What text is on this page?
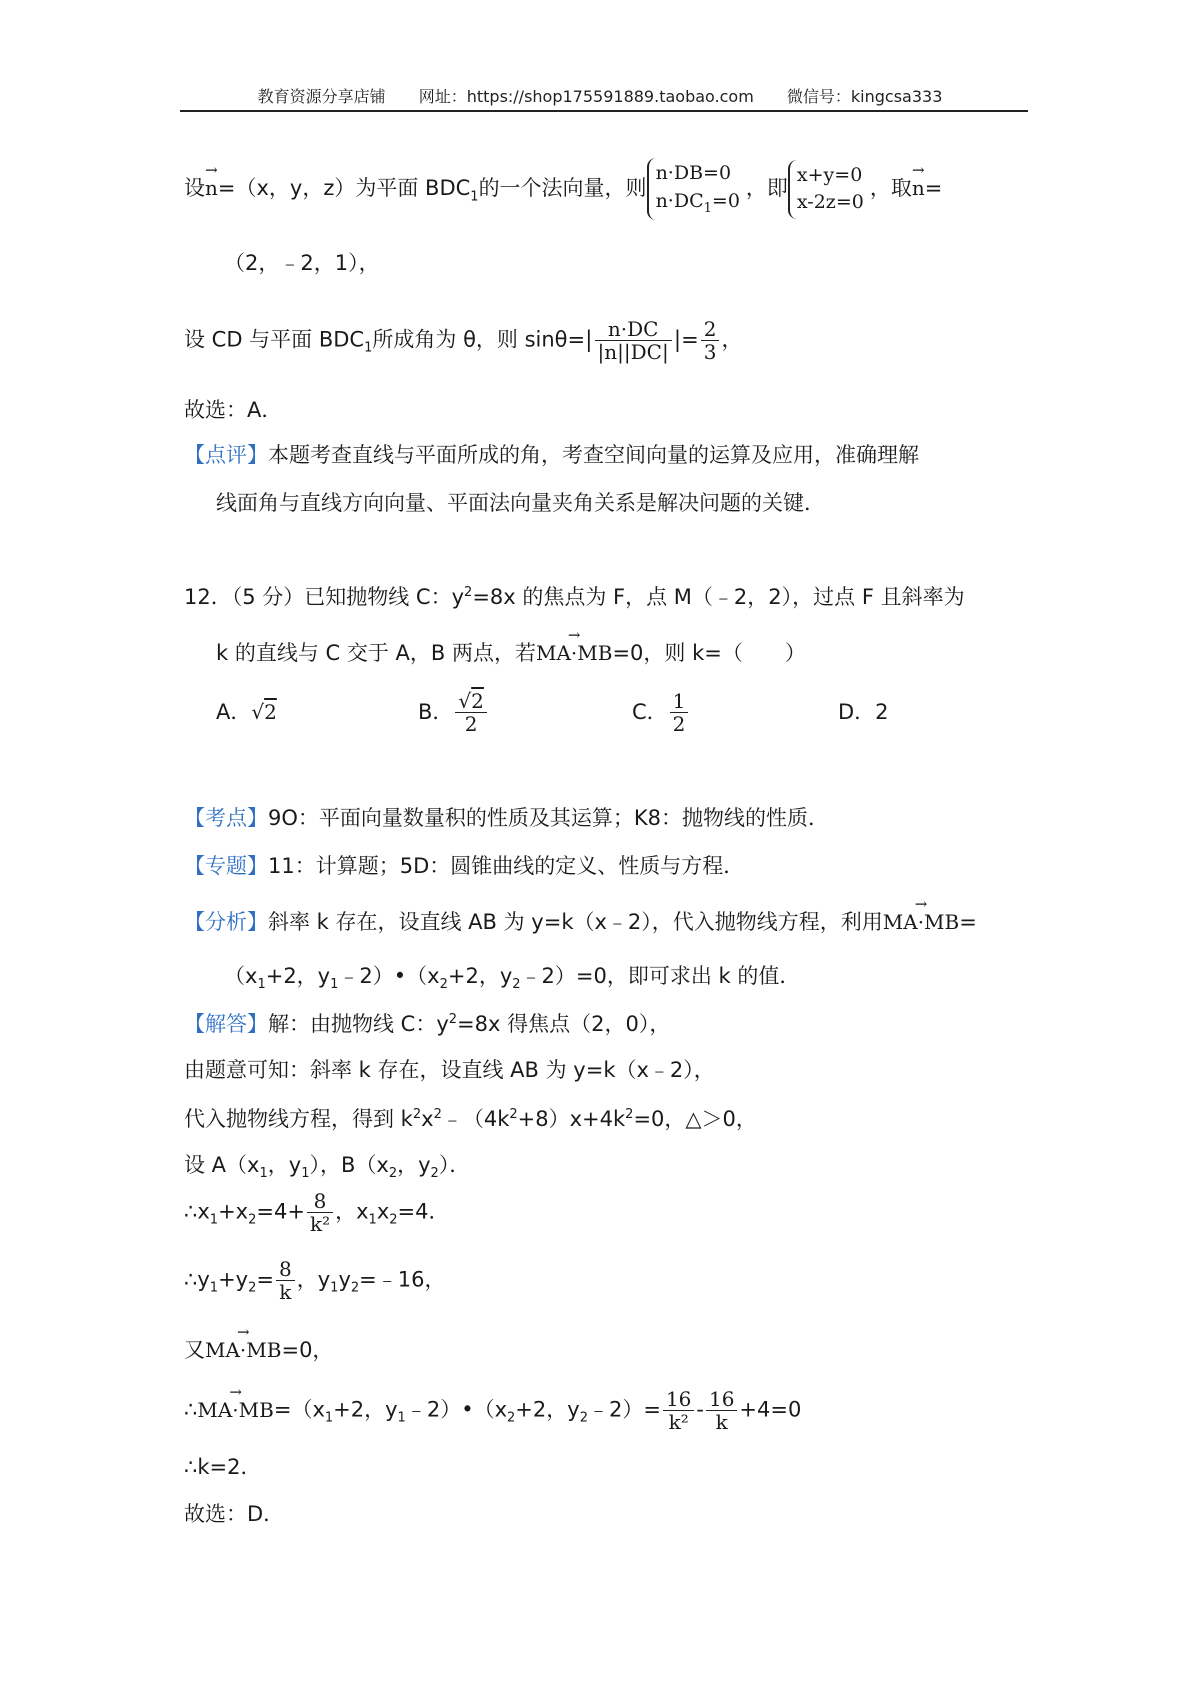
教育资源分享店铺 网址：https://shop175591889.taobao.com 微信号：kingcsa333
设→ n=（x，y，z）为平面 $BDC_1$的一个法向量，则n·DB=0
$n\cdot DC_1=0$，即x+y=0
x-2z=0，取→ n=
（2，﹣2，1），
设 CD 与平面 $BDC_1$所成角为 θ，则 $\sin\theta=| \frac{n\cdot DC}{|n||DC|}$ |= $\frac{2}{3}$ ，
故选：A．
【点评】本题考查直线与平面所成的角，考查空间向量的运算及应用，准确理解
线面角与直线方向向量、平面法向量夹角关系是解决问题的关键．
12．（5 分）已知抛物线 C：$y^2=8x$ 的焦点为 F，点 M（﹣2，2），过点 F 且斜率为
k 的直线与 C 交于 A，B 两点，若→ MA·MB=0，则 k=（　　）
A．√2	B． $\frac{√2}{2}$	C． $\frac{1}{2}$	D．2
【考点】9O：平面向量数量积的性质及其运算；K8：抛物线的性质．
【专题】11：计算题；5D：圆锥曲线的定义、性质与方程．
【分析】斜率 k 存在，设直线 AB 为 y=k（x﹣2），代入抛物线方程，利用→ MA·MB=
（$x_1+2$，$y_1﹣2)•(x_2+2$，$y_2﹣2)=0$，即可求出 k 的值．
【解答】解：由抛物线 C：$y^2=8x$ 得焦点（2，0），
由题意可知：斜率 k 存在，设直线 AB 为 y=k（x﹣2），
代入抛物线方程，得到 $k^2x^2﹣(4k^2+8)x+4k^2=0$，△＞0，
设 $A(x_1$，$y_1$），$B(x_2$，$y_2$）．
$\therefore x_1+x_2=4+ \frac{8}{\text{k²}}$ ，$x_1x_2=4$．
$\therefore y_1+y_2= \frac{8}{k}$ ，$y_1y_2=﹣16$，
又→ MA·MB=0，
∴→ $MA\cdot MB=(x_1+2$，$y_1﹣2)•(x_2+2$，$y_2﹣2)= \frac{16}{\text{k²}} - \frac{16}{k} +4=0$
∴k=2．
故选：D．
